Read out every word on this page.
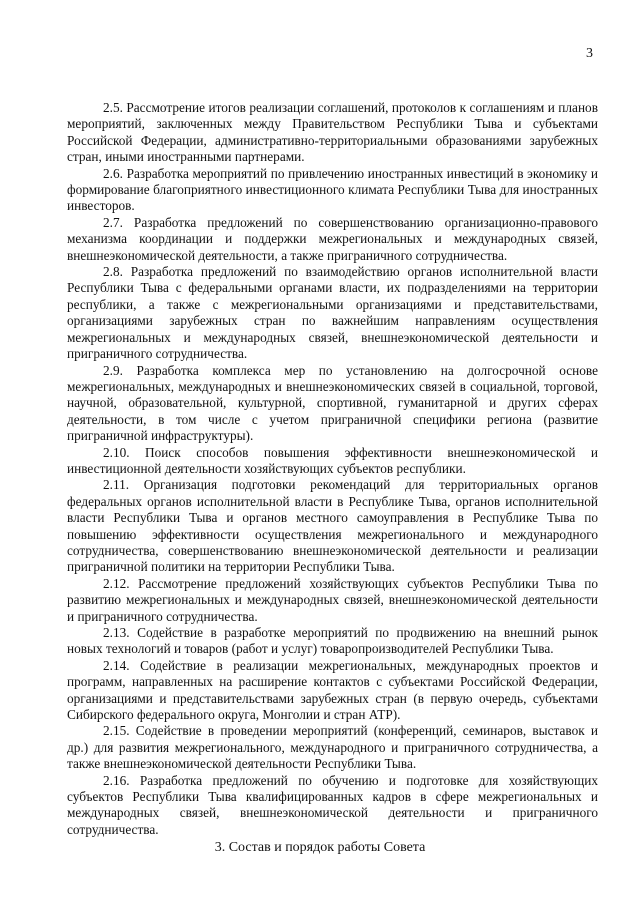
3

2.5. Рассмотрение итогов реализации соглашений, протоколов к соглашениям и планов мероприятий, заключенных между Правительством Республики Тыва и субъектами Российской Федерации, административно-территориальными образованиями зарубежных стран, иными иностранными партнерами.

2.6. Разработка мероприятий по привлечению иностранных инвестиций в экономику и формирование благоприятного инвестиционного климата Республики Тыва для иностранных инвесторов.

2.7. Разработка предложений по совершенствованию организационно-правового механизма координации и поддержки межрегиональных и международных связей, внешнеэкономической деятельности, а также приграничного сотрудничества.

2.8. Разработка предложений по взаимодействию органов исполнительной власти Республики Тыва с федеральными органами власти, их подразделениями на территории республики, а также с межрегиональными организациями и представительствами, организациями зарубежных стран по важнейшим направлениям осуществления межрегиональных и международных связей, внешнеэкономической деятельности и приграничного сотрудничества.

2.9. Разработка комплекса мер по установлению на долгосрочной основе межрегиональных, международных и внешнеэкономических связей в социальной, торговой, научной, образовательной, культурной, спортивной, гуманитарной и других сферах деятельности, в том числе с учетом приграничной специфики региона (развитие приграничной инфраструктуры).

2.10. Поиск способов повышения эффективности внешнеэкономической и инвестиционной деятельности хозяйствующих субъектов республики.

2.11. Организация подготовки рекомендаций для территориальных органов федеральных органов исполнительной власти в Республике Тыва, органов исполнительной власти Республики Тыва и органов местного самоуправления в Республике Тыва по повышению эффективности осуществления межрегионального и международного сотрудничества, совершенствованию внешнеэкономической деятельности и реализации приграничной политики на территории Республики Тыва.

2.12. Рассмотрение предложений хозяйствующих субъектов Республики Тыва по развитию межрегиональных и международных связей, внешнеэкономической деятельности и приграничного сотрудничества.

2.13. Содействие в разработке мероприятий по продвижению на внешний рынок новых технологий и товаров (работ и услуг) товаропроизводителей Республики Тыва.

2.14. Содействие в реализации межрегиональных, международных проектов и программ, направленных на расширение контактов с субъектами Российской Федерации, организациями и представительствами зарубежных стран (в первую очередь, субъектами Сибирского федерального округа, Монголии и стран АТР).

2.15. Содействие в проведении мероприятий (конференций, семинаров, выставок и др.) для развития межрегионального, международного и приграничного сотрудничества, а также внешнеэкономической деятельности Республики Тыва.

2.16. Разработка предложений по обучению и подготовке для хозяйствующих субъектов Республики Тыва квалифицированных кадров в сфере межрегиональных и международных связей, внешнеэкономической деятельности и приграничного сотрудничества.

3. Состав и порядок работы Совета
